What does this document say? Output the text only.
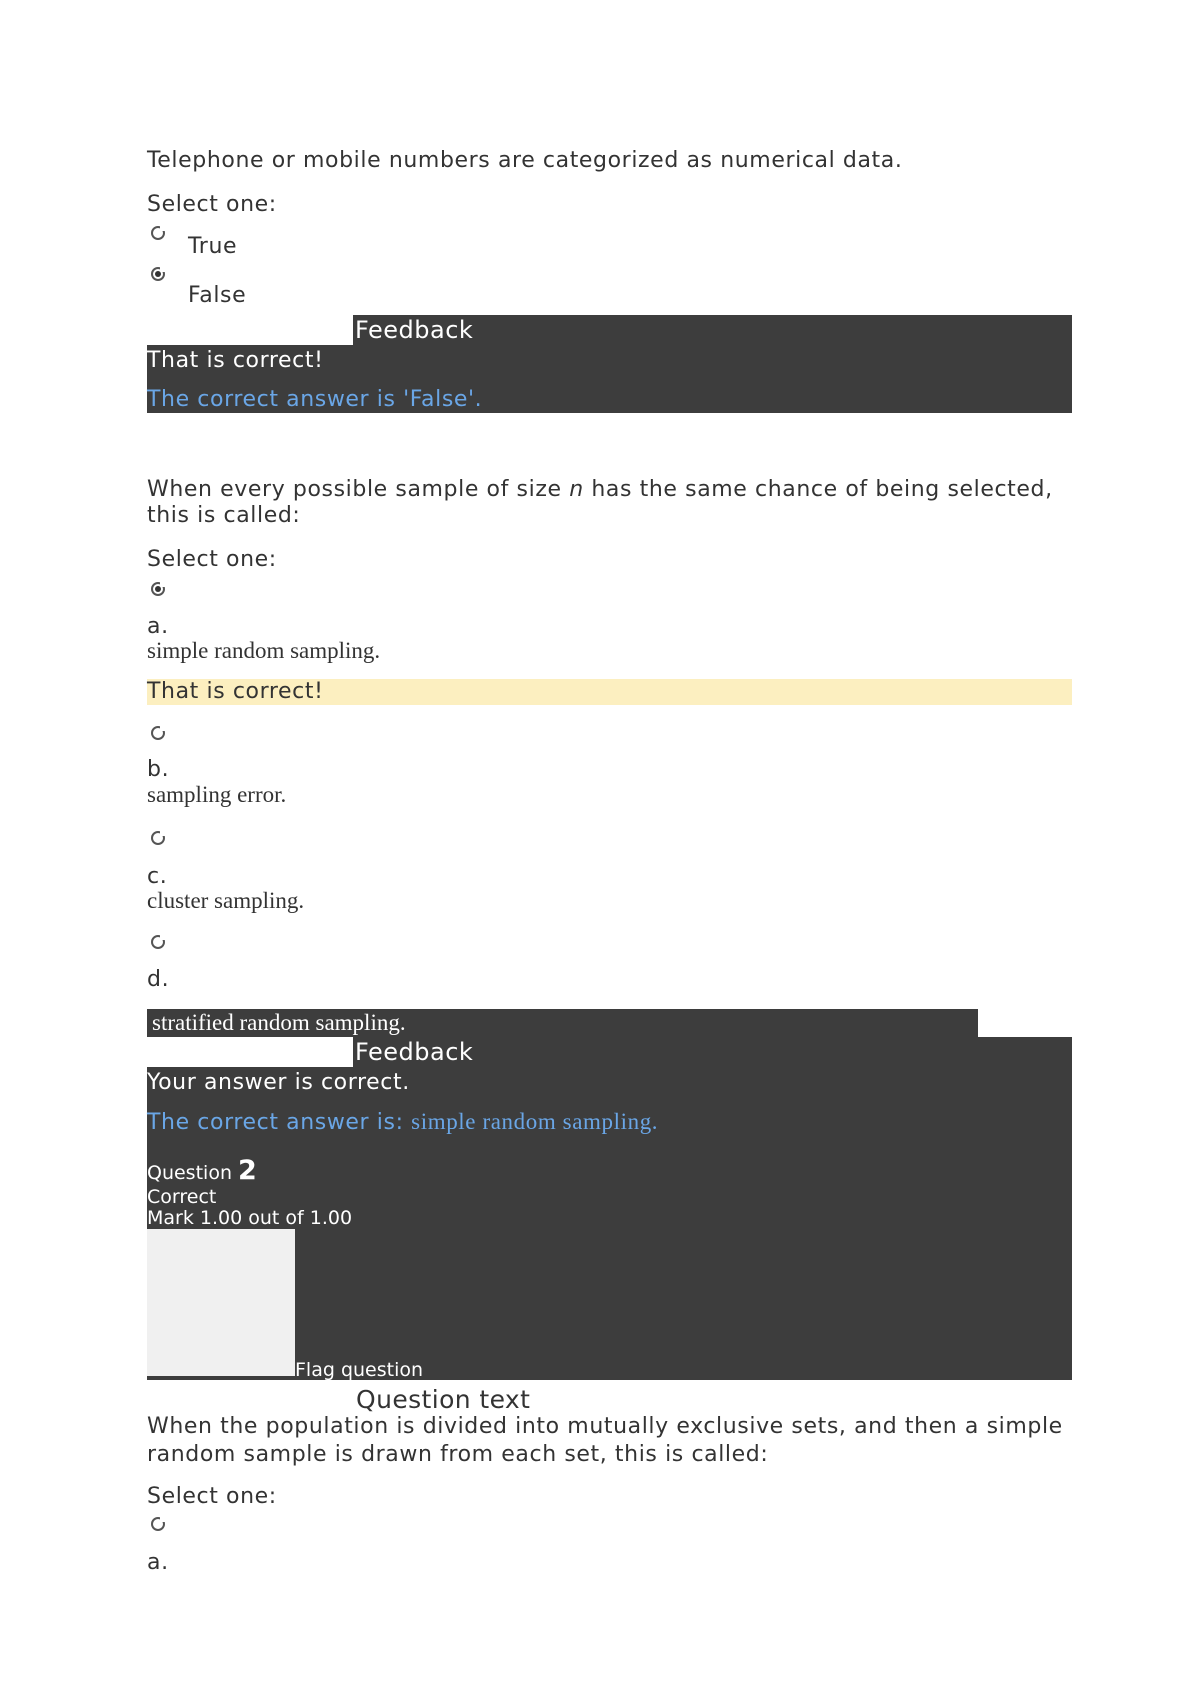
Telephone or mobile numbers are categorized as numerical data.
Select one:
True
False
Feedback
That is correct!
The correct answer is 'False'.
When every possible sample of size n has the same chance of being selected,
this is called:
Select one:
a.
simple random sampling.
That is correct!
b.
sampling error.
c.
cluster sampling.
d.
stratified random sampling.
Feedback
Your answer is correct.
The correct answer is: simple random sampling.
Question 2
Correct
Mark 1.00 out of 1.00
Flag question
Question text
When the population is divided into mutually exclusive sets, and then a simple
random sample is drawn from each set, this is called:
Select one:
a.
